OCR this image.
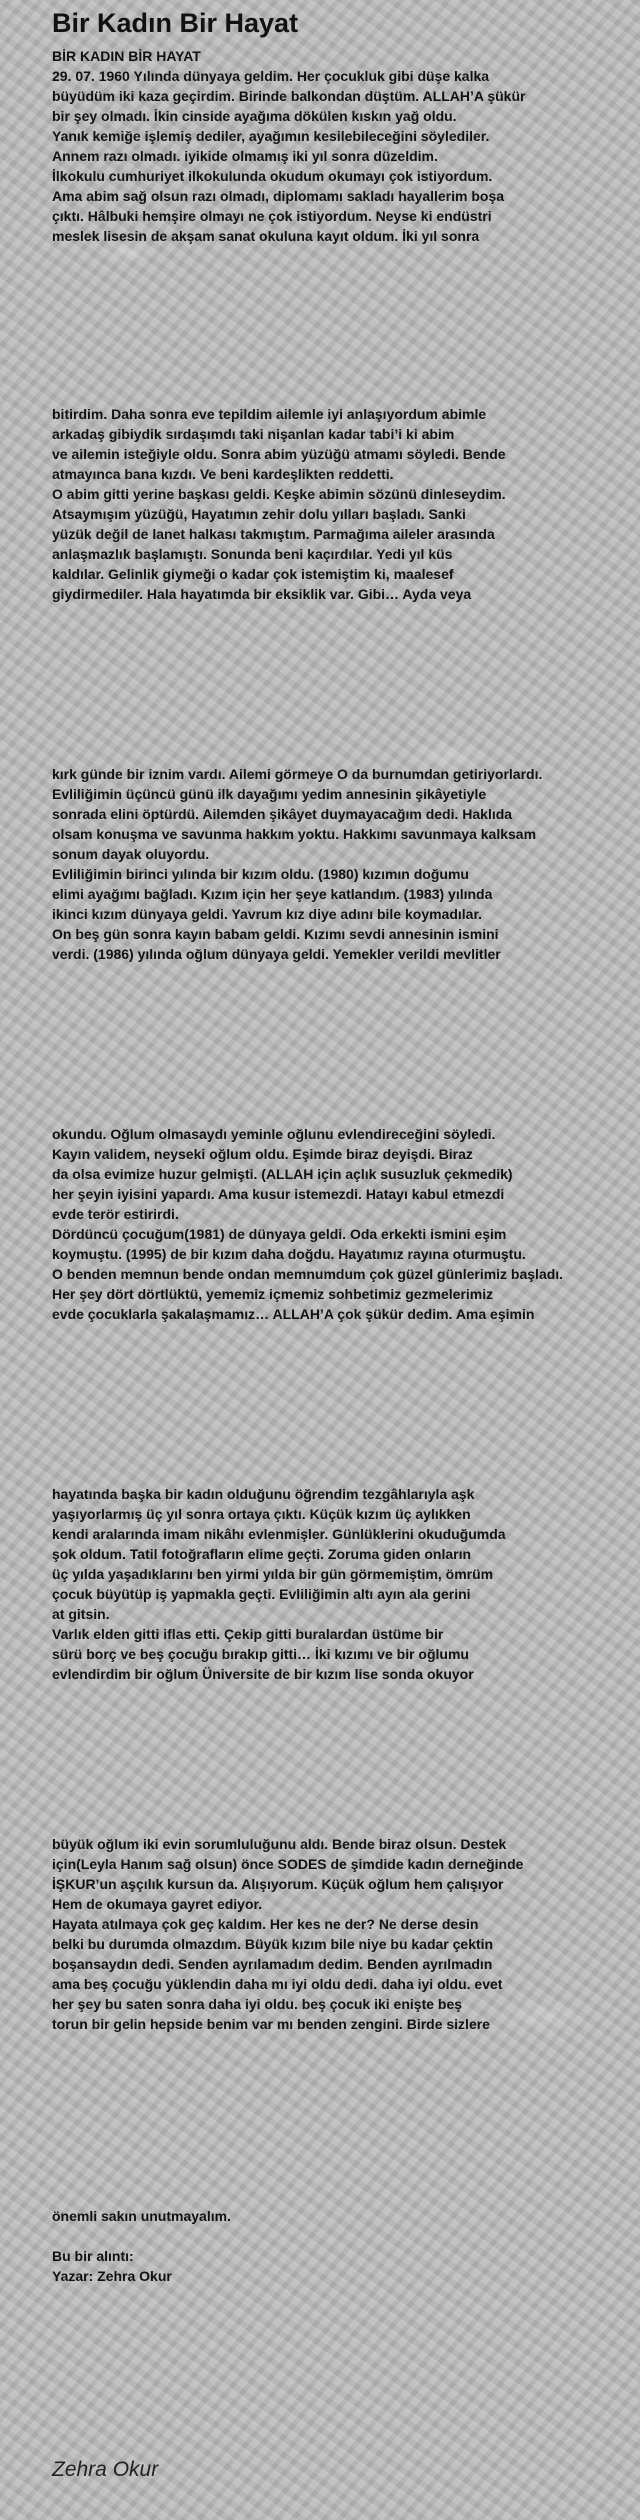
Bir Kadın Bir Hayat
BİR KADIN BİR HAYAT
29. 07. 1960 Yılında dünyaya geldim. Her çocukluk gibi düşe kalka
büyüdüm iki kaza geçirdim. Birinde balkondan düştüm. ALLAH’A şükür
bir şey olmadı. İkin cinside ayağıma dökülen kıskın yağ oldu.
Yanık kemiğe işlemiş dediler, ayağımın kesilebileceğini söylediler.
Annem razı olmadı. iyikide olmamış iki yıl sonra düzeldim.
İlkokulu cumhuriyet ilkokulunda okudum okumayı çok istiyordum.
Ama abim sağ olsun razı olmadı, diplomamı sakladı hayallerim boşa
çıktı. Hâlbuki hemşire olmayı ne çok istiyordum. Neyse ki endüstri
meslek lisesin de akşam sanat okuluna kayıt oldum. İki yıl sonra
bitirdim. Daha sonra eve tepildim ailemle iyi anlaşıyordum abimle
arkadaş gibiydik sırdaşımdı taki nişanlan kadar tabi’i ki abim
ve ailemin isteğiyle oldu. Sonra abim yüzüğü atmamı söyledi. Bende
atmayınca bana kızdı. Ve beni kardeşlikten reddetti.
O abim gitti yerine başkası geldi. Keşke abimin sözünü dinleseydim.
Atsaymışım yüzüğü, Hayatımın zehir dolu yılları başladı. Sanki
yüzük değil de lanet halkası takmıştım. Parmağıma aileler arasında
anlaşmazlık başlamıştı. Sonunda beni kaçırdılar. Yedi yıl küs
kaldılar. Gelinlik giymeği o kadar çok istemiştim ki, maalesef
giydirmediler. Hala hayatımda bir eksiklik var. Gibi… Ayda veya
kırk günde bir iznim vardı. Ailemi görmeye O da burnumdan getiriyorlardı.
Evliliğimin üçüncü günü ilk dayağımı yedim annesinin şikâyetiyle
sonrada elini öptürdü. Ailemden şikâyet duymayacağım dedi. Haklıda
olsam konuşma ve savunma hakkım yoktu. Hakkımı savunmaya kalksam
sonum dayak oluyordu.
Evliliğimin birinci yılında bir kızım oldu. (1980) kızımın doğumu
elimi ayağımı bağladı. Kızım için her şeye katlandım. (1983) yılında
ikinci kızım dünyaya geldi. Yavrum kız diye adını bile koymadılar.
On beş gün sonra kayın babam geldi. Kızımı sevdi annesinin ismini
verdi. (1986) yılında oğlum dünyaya geldi. Yemekler verildi mevlitler
okundu. Oğlum olmasaydı yeminle oğlunu evlendireceğini söyledi.
Kayın validem, neyseki oğlum oldu. Eşimde biraz deyişdi. Biraz
da olsa evimize huzur gelmişti. (ALLAH için açlık susuzluk çekmedik)
her şeyin iyisini yapardı. Ama kusur istemezdi. Hatayı kabul etmezdi
evde terör estirirdi.
Dördüncü çocuğum(1981) de dünyaya geldi. Oda erkekti ismini eşim
koymuştu. (1995) de bir kızım daha doğdu. Hayatımız rayına oturmuştu.
O benden memnun bende ondan memnumdum çok güzel günlerimiz başladı.
Her şey dört dörtlüktü, yememiz içmemiz sohbetimiz gezmelerimiz
evde çocuklarla şakalaşmamız… ALLAH’A çok şükür dedim. Ama eşimin
hayatında başka bir kadın olduğunu öğrendim tezgâhlarıyla aşk
yaşıyorlarmış üç yıl sonra ortaya çıktı. Küçük kızım üç aylıkken
kendi aralarında imam nikâhı evlenmişler. Günlüklerini okuduğumda
şok oldum. Tatil fotoğrafların elime geçti. Zoruma giden onların
üç yılda yaşadıklarını ben yirmi yılda bir gün görmemiştim, ömrüm
çocuk büyütüp iş yapmakla geçti. Evliliğimin altı ayın ala gerini
at gitsin.
Varlık elden gitti iflas etti. Çekip gitti buralardan üstüme bir
sürü borç ve beş çocuğu bırakıp gitti… İki kızımı ve bir oğlumu
evlendirdim bir oğlum Üniversite de bir kızım lise sonda okuyor
büyük oğlum iki evin sorumluluğunu aldı. Bende biraz olsun. Destek
için(Leyla Hanım sağ olsun) önce SODES de şimdide kadın derneğinde
İŞKUR’un aşçılık kursun da. Alışıyorum. Küçük oğlum hem çalışıyor
Hem de okumaya gayret ediyor.
Hayata atılmaya çok geç kaldım. Her kes ne der? Ne derse desin
belki bu durumda olmazdım. Büyük kızım bile niye bu kadar çektin
boşansaydın dedi. Senden ayrılamadım dedim. Benden ayrılmadın
ama beş çocuğu yüklendin daha mı iyi oldu dedi. daha iyi oldu. evet
her şey bu saten sonra daha iyi oldu. beş çocuk iki enişte beş
torun bir gelin hepside benim var mı benden zengini. Birde sizlere
önemli sakın unutmayalım.
Bu bir alıntı:
Yazar: Zehra Okur
Zehra Okur
